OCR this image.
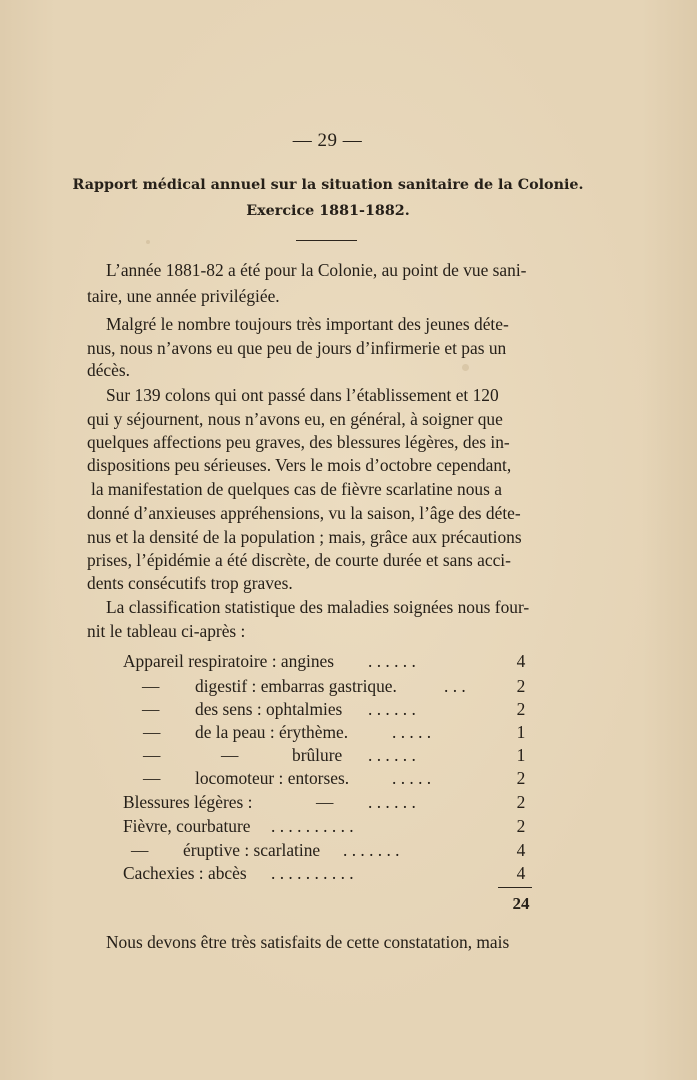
— 29 —
Rapport médical annuel sur la situation sanitaire de la Colonie.
Exercice 1881-1882.
L’année 1881-82 a été pour la Colonie, au point de vue sani-
taire, une année privilégiée.
Malgré le nombre toujours très important des jeunes déte-
nus, nous n’avons eu que peu de jours d’infirmerie et pas un
décès.
Sur 139 colons qui ont passé dans l’établissement et 120
qui y séjournent, nous n’avons eu, en général, à soigner que
quelques affections peu graves, des blessures légères, des in-
dispositions peu sérieuses. Vers le mois d’octobre cependant,
la manifestation de quelques cas de fièvre scarlatine nous a
donné d’anxieuses appréhensions, vu la saison, l’âge des déte-
nus et la densité de la population ; mais, grâce aux précautions
prises, l’épidémie a été discrète, de courte durée et sans acci-
dents consécutifs trop graves.
La classification statistique des maladies soignées nous four-
nit le tableau ci-après :
Appareil respiratoire : angines . . . . . .	4
— digestif : embarras gastrique.	. . .	2
— des sens : ophtalmies . . . . . .	2
— de la peau : érythème.	. . . . .	1
—	—	brûlure . . . . . .	1
— locomoteur : entorses. . . . . .	2
Blessures légères :	— . . . . . .	2
Fièvre, courbature . . . . . . . . . .	2
— éruptive : scarlatine . . . . . . .	4
Cachexies : abcès . . . . . . . . . .	4
24
Nous devons être très satisfaits de cette constatation, mais
